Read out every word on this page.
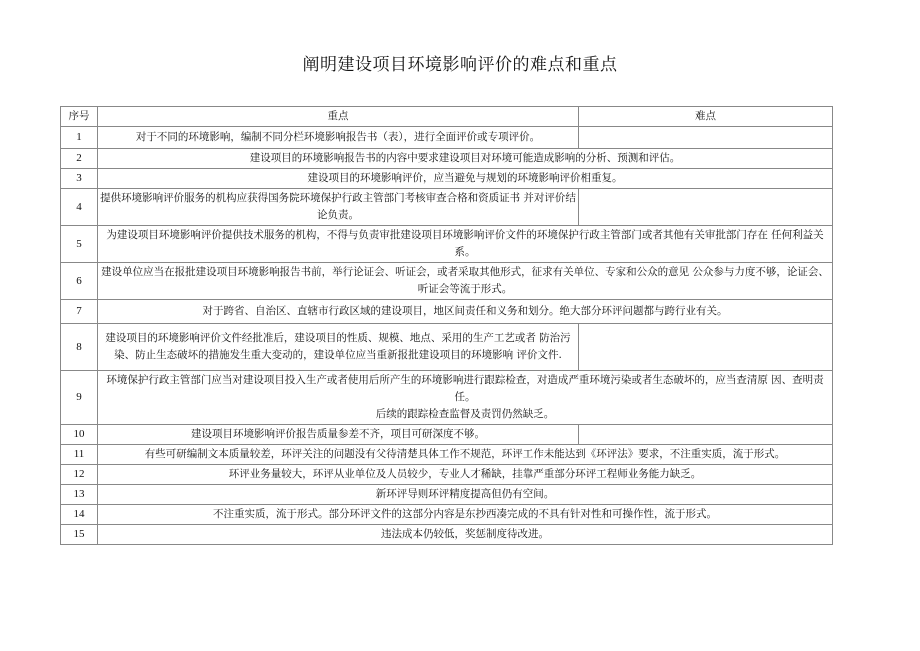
阐明建设项目环境影响评价的难点和重点
序号	重点	难点
1	对于不同的环境影响，编制不同分栏环境影响报告书（表），进行全面评价或专项评价。	
2	建设项目的环境影响报告书的内容中要求建设项目对环境可能造成影响的分析、预测和评估。	
3	建设项目的环境影响评价，应当避免与规划的环境影响评价相重复。	
4	提供环境影响评价服务的机构应获得国务院环境保护行政主管部门考核审查合格和资质证书 并对评价结论负责。	
5	为建设项目环境影响评价提供技术服务的机构，不得与负责审批建设项目环境影响评价文件的环境保护行政主管部门或者其他有关审批部门存在 任何利益关系。	
6	建设单位应当在报批建设项目环境影响报告书前，举行论证会、听证会，或者采取其他形式，征求有关单位、专家和公众的意见 公众参与力度不够，论证会、听证会等流于形式。	
7	对于跨省、自治区、直辖市行政区域的建设项目，地区间责任和义务和划分。绝大部分环评问题都与跨行业有关。	
8	建设项目的环境影响评价文件经批准后，建设项目的性质、规模、地点、采用的生产工艺或者 防治污染、防止生态破坏的措施发生重大变动的，建设单位应当重新报批建设项目的环境影响 评价文件.	
9	环境保护行政主管部门应当对建设项目投入生产或者使用后所产生的环境影响进行跟踪检查，对造成严重环境污染或者生态破坏的，应当查清原 因、查明责任。
后续的跟踪检查监督及责罚仍然缺乏。	

10	建设项目环境影响评价报告质量参差不齐，项目可研深度不够。	
11	有些可研编制文本质量较差，环评关注的问题没有父待清楚具体工作不规范，环评工作未能达到《环评法》要求，不注重实质，流于形式。	
12	环评业务量较大，环评从业单位及人员较少，专业人才稀缺，挂靠严重部分环评工程师业务能力缺乏。	
13	新环评导则环评精度提高但仍有空间。	
14	不注重实质，流于形式。部分环评文件的这部分内容是东抄西凑完成的不具有针对性和可操作性，流于形式。	
15	违法成本仍较低，奖惩制度待改进。	
